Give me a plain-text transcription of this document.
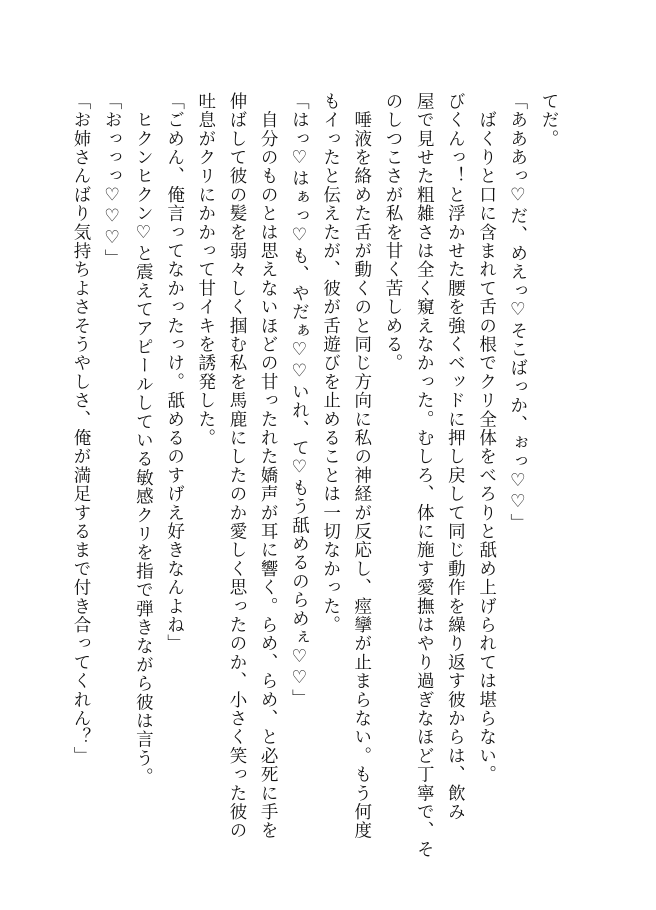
てだ。
「あああっ♡だ、めえっ♡そこばっか、ぉっ♡♡」
　ばくりと口に含まれて舌の根でクリ全体をべろりと舐め上げられては堪らない。
びくんっ！と浮かせた腰を強くベッドに押し戻して同じ動作を繰り返す彼からは、飲み
屋で見せた粗雑さは全く窺えなかった。むしろ、体に施す愛撫はやり過ぎなほど丁寧で、そ
のしつこさが私を甘く苦しめる。
　唾液を絡めた舌が動くのと同じ方向に私の神経が反応し、痙攣が止まらない。もう何度
もイったと伝えたが、彼が舌遊びを止めることは一切なかった。
「はっ♡はぁっ♡も、やだぁ♡♡いれ、て♡もう舐めるのらめぇ♡♡」
　自分のものとは思えないほどの甘ったれた嬌声が耳に響く。らめ、らめ、と必死に手を
伸ばして彼の髪を弱々しく掴む私を馬鹿にしたのか愛しく思ったのか、小さく笑った彼の
吐息がクリにかかって甘イキを誘発した。
「ごめん、俺言ってなかったっけ。舐めるのすげえ好きなんよね」
　ヒクンヒクン♡と震えてアピールしている敏感クリを指で弾きながら彼は言う。
「おっっっ♡♡♡」
「お姉さんばり気持ちよさそうやしさ、俺が満足するまで付き合ってくれん？」
